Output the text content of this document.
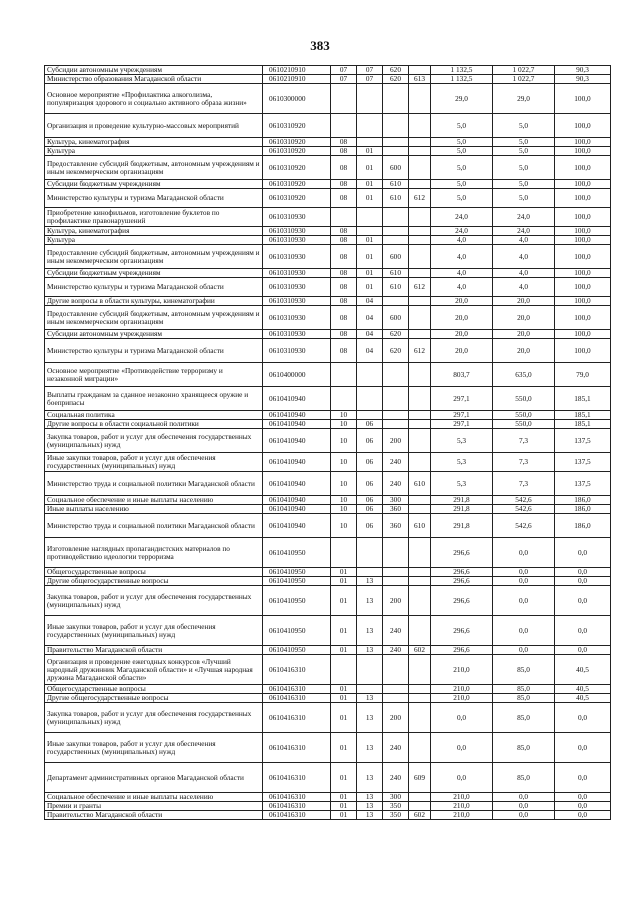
383
Субсидии автономным учреждениям	0610210910	07	07	620		1 132,5	1 022,7	90,3
Министерство образования Магаданской области	0610210910	07	07	620	613	1 132,5	1 022,7	90,3
Основное мероприятие «Профилактика алкоголизма, популяризация здорового и социально активного образа жизни»	0610300000					29,0	29,0	100,0
Организация и проведение культурно-массовых мероприятий	0610310920					5,0	5,0	100,0
Культура, кинематография	0610310920	08				5,0	5,0	100,0
Культура	0610310920	08	01			5,0	5,0	100,0
Предоставление субсидий бюджетным, автономным учреждениям и иным некоммерческим организациям	0610310920	08	01	600		5,0	5,0	100,0
Субсидии бюджетным учреждениям	0610310920	08	01	610		5,0	5,0	100,0
Министерство культуры и туризма Магаданской области	0610310920	08	01	610	612	5,0	5,0	100,0
Приобретение кинофильмов, изготовление буклетов по профилактике правонарушений	0610310930					24,0	24,0	100,0
Культура, кинематография	0610310930	08				24,0	24,0	100,0
Культура	0610310930	08	01			4,0	4,0	100,0
Предоставление субсидий бюджетным, автономным учреждениям и иным некоммерческим организациям	0610310930	08	01	600		4,0	4,0	100,0
Субсидии бюджетным учреждениям	0610310930	08	01	610		4,0	4,0	100,0
Министерство культуры и туризма Магаданской области	0610310930	08	01	610	612	4,0	4,0	100,0
Другие вопросы в области культуры, кинематографии	0610310930	08	04			20,0	20,0	100,0
Предоставление субсидий бюджетным, автономным учреждениям и иным некоммерческим организациям	0610310930	08	04	600		20,0	20,0	100,0
Субсидии автономным учреждениям	0610310930	08	04	620		20,0	20,0	100,0
Министерство культуры и туризма Магаданской области	0610310930	08	04	620	612	20,0	20,0	100,0
Основное мероприятие «Противодействие терроризму и незаконной миграции»	0610400000					803,7	635,0	79,0
Выплаты гражданам за сданное незаконно хранящееся оружие и боеприпасы	0610410940					297,1	550,0	185,1
Социальная политика	0610410940	10				297,1	550,0	185,1
Другие вопросы в области социальной политики	0610410940	10	06			297,1	550,0	185,1
Закупка товаров, работ и услуг для обеспечения государственных (муниципальных) нужд	0610410940	10	06	200		5,3	7,3	137,5
Иные закупки товаров, работ и услуг для обеспечения государственных (муниципальных) нужд	0610410940	10	06	240		5,3	7,3	137,5
Министерство труда и социальной политики Магаданской области	0610410940	10	06	240	610	5,3	7,3	137,5
Социальное обеспечение и иные выплаты населению	0610410940	10	06	300		291,8	542,6	186,0
Иные выплаты населению	0610410940	10	06	360		291,8	542,6	186,0
Министерство труда и социальной политики Магаданской области	0610410940	10	06	360	610	291,8	542,6	186,0
Изготовление наглядных пропагандистских материалов по противодействию идеологии терроризма	0610410950					296,6	0,0	0,0
Общегосударственные вопросы	0610410950	01				296,6	0,0	0,0
Другие общегосударственные вопросы	0610410950	01	13			296,6	0,0	0,0
Закупка товаров, работ и услуг для обеспечения государственных (муниципальных) нужд	0610410950	01	13	200		296,6	0,0	0,0
Иные закупки товаров, работ и услуг для обеспечения государственных (муниципальных) нужд	0610410950	01	13	240		296,6	0,0	0,0
Правительство Магаданской области	0610410950	01	13	240	602	296,6	0,0	0,0
Организация и проведение ежегодных конкурсов «Лучший народный дружинник Магаданской области» и «Лучшая народная дружина Магаданской области»	0610416310					210,0	85,0	40,5
Общегосударственные вопросы	0610416310	01				210,0	85,0	40,5
Другие общегосударственные вопросы	0610416310	01	13			210,0	85,0	40,5
Закупка товаров, работ и услуг для обеспечения государственных (муниципальных) нужд	0610416310	01	13	200		0,0	85,0	0,0
Иные закупки товаров, работ и услуг для обеспечения государственных (муниципальных) нужд	0610416310	01	13	240		0,0	85,0	0,0
Департамент административных органов Магаданской области	0610416310	01	13	240	609	0,0	85,0	0,0
Социальное обеспечение и иные выплаты населению	0610416310	01	13	300		210,0	0,0	0,0
Премии и гранты	0610416310	01	13	350		210,0	0,0	0,0
Правительство Магаданской области	0610416310	01	13	350	602	210,0	0,0	0,0
